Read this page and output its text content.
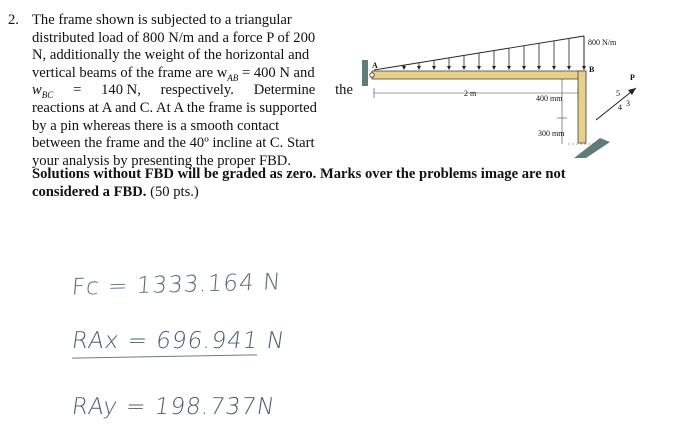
2. The frame shown is subjected to a triangular
distributed load of 800 N/m and a force P of 200
N, additionally the weight of the horizontal and
vertical beams of the frame are $w_{AB} = 400$ N and
$w_{BC} = 140$ N, respectively. Determine the
reactions at A and C. At A the frame is supported
by a pin whereas there is a smooth contact
between the frame and the 40º incline at C. Start
your analysis by presenting the proper FBD.
Solutions without FBD will be graded as zero. Marks over the problems image are not
considered a FBD. (50 pts.)
800 N/m
A	B
P
2 m
400 mm
300 mm
5
3
4
Fc = 1333.164 N
RAx = 696.941 N
RAy = 198.737N
